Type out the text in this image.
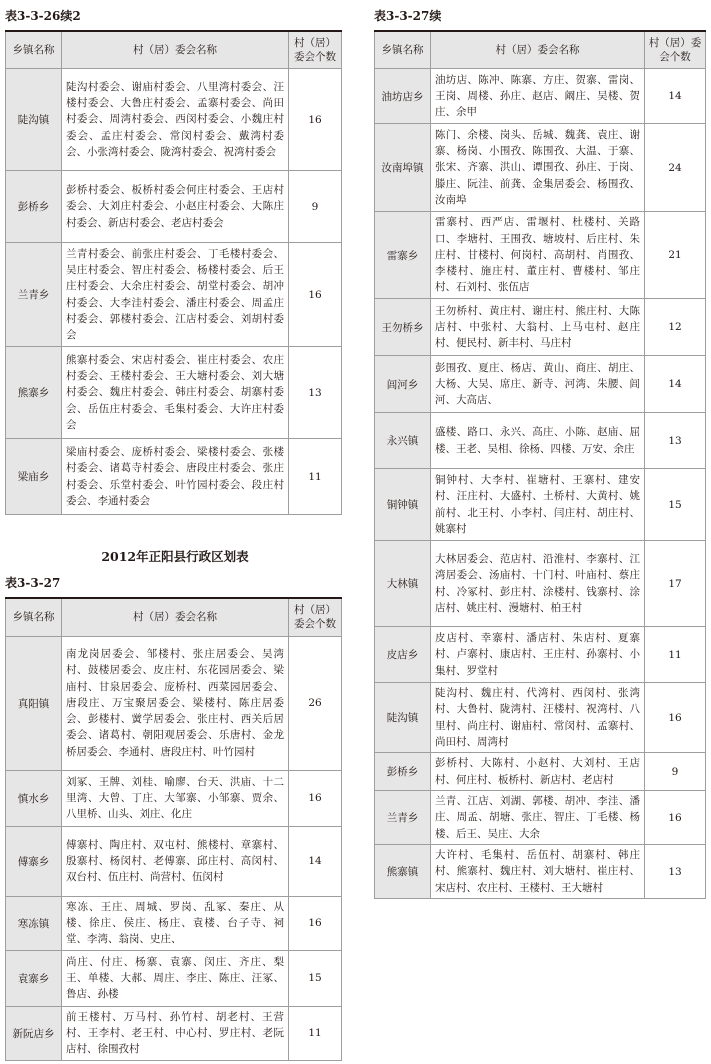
表3-3-26续2	表3-3-27续
2012年正阳县行政区划表
表3-3-27
乡镇名称	村（居）委会名称	村（居）委会个数
陡沟镇	陡沟村委会、谢庙村委会、八里湾村委会、汪楼村委会、大鲁庄村委会、孟寨村委会、尚田村委会、周湾村委会、西闵村委会、小魏庄村委会、孟庄村委会、常闵村委会、戴湾村委会、小张湾村委会、陇湾村委会、祝湾村委会	16
彭桥乡	彭桥村委会、板桥村委会何庄村委会、王店村委会、大刘庄村委会、小赵庄村委会、大陈庄村委会、新店村委会、老店村委会	9
兰青乡	兰青村委会、前张庄村委会、丁毛楼村委会、吴庄村委会、智庄村委会、杨楼村委会、后王庄村委会、大余庄村委会、胡堂村委会、胡冲村委会、大李洼村委会、潘庄村委会、周孟庄村委会、郭楼村委会、江店村委会、刘胡村委会	16
熊寨乡	熊寨村委会、宋店村委会、崔庄村委会、农庄村委会、王楼村委会、王大塘村委会、刘大塘村委会、魏庄村委会、韩庄村委会、胡寨村委会、岳伍庄村委会、毛集村委会、大许庄村委会	13
梁庙乡	梁庙村委会、庞桥村委会、梁楼村委会、张楼村委会、诸葛寺村委会、唐段庄村委会、张庄村委会、乐堂村委会、叶竹园村委会、段庄村委会、李通村委会	11
乡镇名称	村（居）委会名称	村（居）委会个数
真阳镇	南龙岗居委会、邹楼村、张庄居委会、吴湾村、鼓楼居委会、皮庄村、东花园居委会、梁庙村、甘泉居委会、庞桥村、西菜园居委会、唐段庄、万宝聚居委会、梁楼村、陈庄居委会、彭楼村、黉学居委会、张庄村、西关后居委会、诸葛村、朝阳观居委会、乐唐村、金龙桥居委会、李通村、唐段庄村、叶竹园村	26
慎水乡	刘冢、王牌、刘桂、喻廖、台天、洪庙、十二里湾、大曾、丁庄、大邹寨、小邹寨、贾余、八里桥、山头、刘庄、化庄	16
傅寨乡	傅寨村、陶庄村、双屯村、熊楼村、章寨村、殷寨村、杨闵村、老傅寨、邱庄村、高闵村、双台村、伍庄村、尚营村、伍闵村	14
寒冻镇	寒冻、王庄、周城、罗岗、乱冢、秦庄、从楼、徐庄、侯庄、杨庄、袁楼、台子寺、祠堂、李湾、翁岗、史庄、	16
袁寨乡	尚庄、付庄、杨寨、袁寨、闵庄、齐庄、梨王、单楼、大郝、周庄、李庄、陈庄、汪冢、鲁店、孙楼	15
新阮店乡	前王楼村、万马村、孙竹村、胡老村、王营村、王李村、老王村、中心村、罗庄村、老阮店村、徐围孜村	11
乡镇名称	村（居）委会名称	村（居）委会个数
油坊店乡	油坊店、陈冲、陈寨、方庄、贺寨、雷岗、王岗、周楼、孙庄、赵店、阚庄、吴楼、贺庄、余甲	14
汝南埠镇	陈门、余楼、岗头、岳城、魏龚、袁庄、谢寨、杨岗、小围孜、陈围孜、大温、于寨、张宋、齐寨、洪山、谭围孜、孙庄、于岗、滕庄、阮洼、前龚、金集居委会、杨围孜、汝南埠	24
雷寨乡	雷寨村、西严店、雷堰村、杜楼村、关路口、李塘村、王围孜、塘坡村、后庄村、朱庄村、甘楼村、何岗村、高胡村、肖围孜、李楼村、施庄村、董庄村、曹楼村、邹庄村、石刘村、张伍店	21
王勿桥乡	王勿桥村、黄庄村、谢庄村、熊庄村、大陈店村、中张村、大翁村、上马屯村、赵庄村、便民村、新丰村、马庄村	12
闾河乡	彭围孜、夏庄、杨店、黄山、商庄、胡庄、大杨、大吴、席庄、新寺、河湾、朱腰、闾河、大高店、	14
永兴镇	盛楼、路口、永兴、高庄、小陈、赵庙、屈楼、王老、吴相、徐杨、四楼、万安、余庄	13
铜钟镇	铜钟村、大李村、崔塘村、王寨村、建安村、汪庄村、大盛村、土桥村、大黄村、姚前村、北王村、小李村、闫庄村、胡庄村、姚寨村	15
大林镇	大林居委会、范店村、沿淮村、李寨村、江湾居委会、汤庙村、十门村、叶庙村、蔡庄村、冷冢村、彭庄村、涂楼村、钱寨村、涂店村、姚庄村、漫塘村、柏王村	17
皮店乡	皮店村、幸寨村、潘店村、朱店村、夏寨村、卢寨村、康店村、王庄村、孙寨村、小集村、罗堂村	11
陡沟镇	陡沟村、魏庄村、代湾村、西闵村、张湾村、大鲁村、陇湾村、汪楼村、祝湾村、八里村、尚庄村、谢庙村、常闵村、孟寨村、尚田村、周湾村	16
彭桥乡	彭桥村、大陈村、小赵村、大刘村、王店村、何庄村、板桥村、新店村、老店村	9
兰青乡	兰青、江店、刘湖、郭楼、胡冲、李洼、潘庄、周孟、胡塘、张庄、智庄、丁毛楼、杨楼、后王、吴庄、大余	16
熊寨镇	大许村、毛集村、岳伍村、胡寨村、韩庄村、熊寨村、魏庄村、刘大塘村、崔庄村、宋店村、农庄村、王楼村、王大塘村	13
